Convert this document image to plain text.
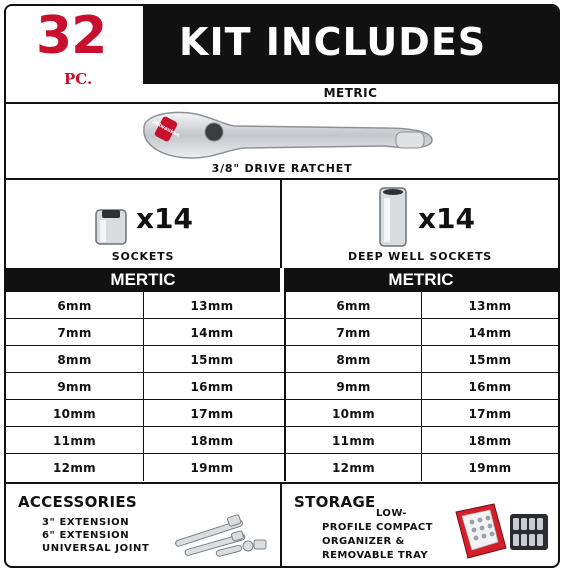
32
PC.
KIT INCLUDES
METRIC
Milwaukee
3/8" DRIVE RATCHET
x14
SOCKETS
x14
DEEP WELL SOCKETS
MERTIC	METRIC
6mm	13mm	6mm	13mm
7mm	14mm	7mm	14mm
8mm	15mm	8mm	15mm
9mm	16mm	9mm	16mm
10mm	17mm	10mm	17mm
11mm	18mm	11mm	18mm
12mm	19mm	12mm	19mm
ACCESSORIES
3" EXTENSION
6" EXTENSION
UNIVERSAL JOINT
STORAGE
LOW-
PROFILE COMPACT
ORGANIZER &
REMOVABLE TRAY
